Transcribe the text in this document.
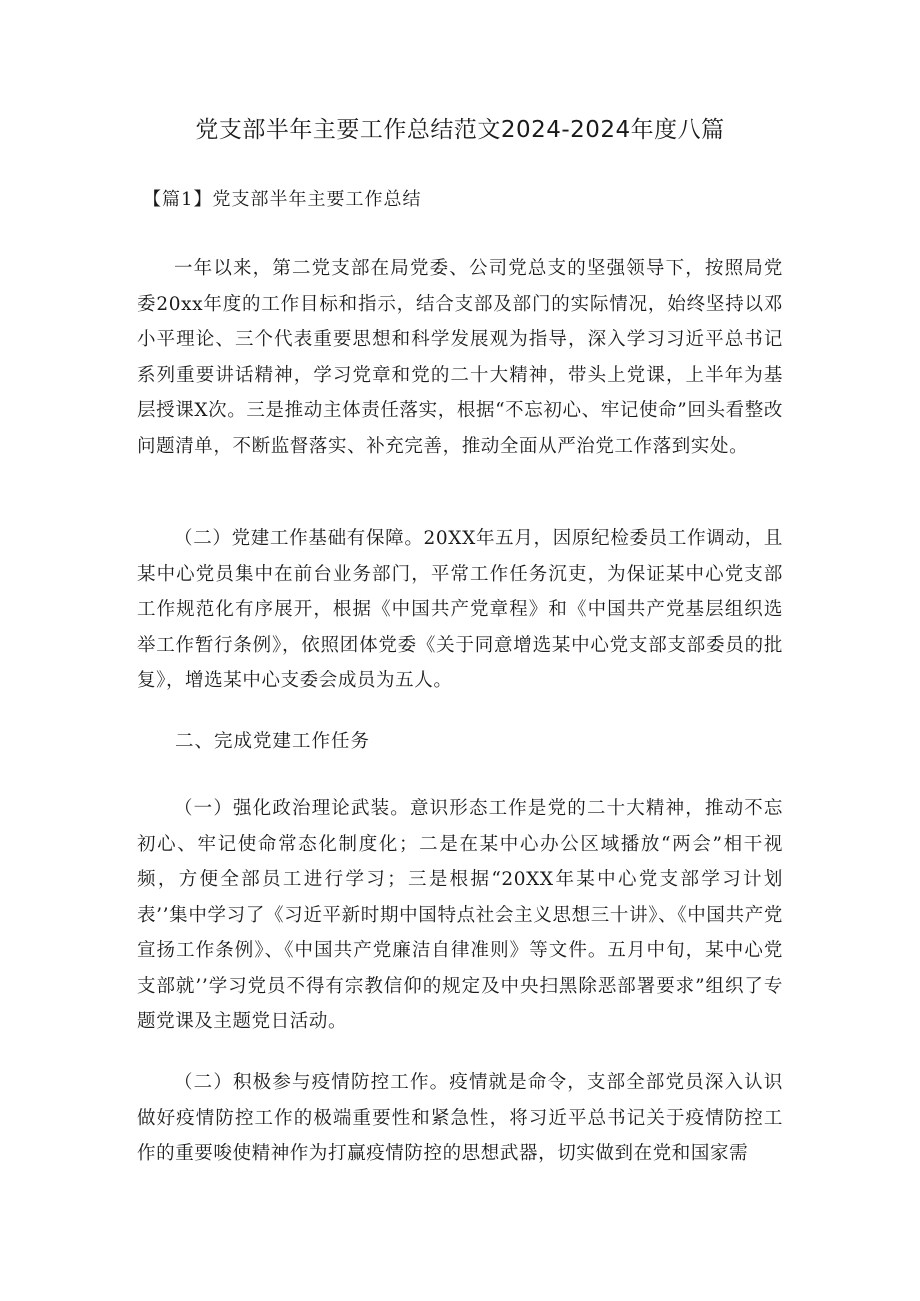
党支部半年主要工作总结范文2024-2024年度八篇

【篇1】党支部半年主要工作总结

一年以来，第二党支部在局党委、公司党总支的坚强领导下，按照局党委20xx年度的工作目标和指示，结合支部及部门的实际情况，始终坚持以邓小平理论、三个代表重要思想和科学发展观为指导，深入学习习近平总书记系列重要讲话精神，学习党章和党的二十大精神，带头上党课，上半年为基层授课X次。三是推动主体责任落实，根据“不忘初心、牢记使命”回头看整改问题清单，不断监督落实、补充完善，推动全面从严治党工作落到实处。

（二）党建工作基础有保障。20XX年五月，因原纪检委员工作调动，且某中心党员集中在前台业务部门，平常工作任务沉吏，为保证某中心党支部工作规范化有序展开，根据《中国共产党章程》和《中国共产党基层组织选举工作暂行条例》，依照团体党委《关于同意增选某中心党支部支部委员的批复》，增选某中心支委会成员为五人。

二、完成党建工作任务

（一）强化政治理论武装。意识形态工作是党的二十大精神，推动不忘初心、牢记使命常态化制度化；二是在某中心办公区域播放“两会”相干视频，方便全部员工进行学习；三是根据“20XX年某中心党支部学习计划表’’集中学习了《习近平新时期中国特点社会主义思想三十讲》、《中国共产党宣扬工作条例》、《中国共产党廉洁自律准则》等文件。五月中旬，某中心党支部就’’学习党员不得有宗教信仰的规定及中央扫黑除恶部署要求”组织了专题党课及主题党日活动。

（二）积极参与疫情防控工作。疫情就是命令，支部全部党员深入认识做好疫情防控工作的极端重要性和紧急性，将习近平总书记关于疫情防控工作的重要唆使精神作为打赢疫情防控的思想武器，切实做到在党和国家需
